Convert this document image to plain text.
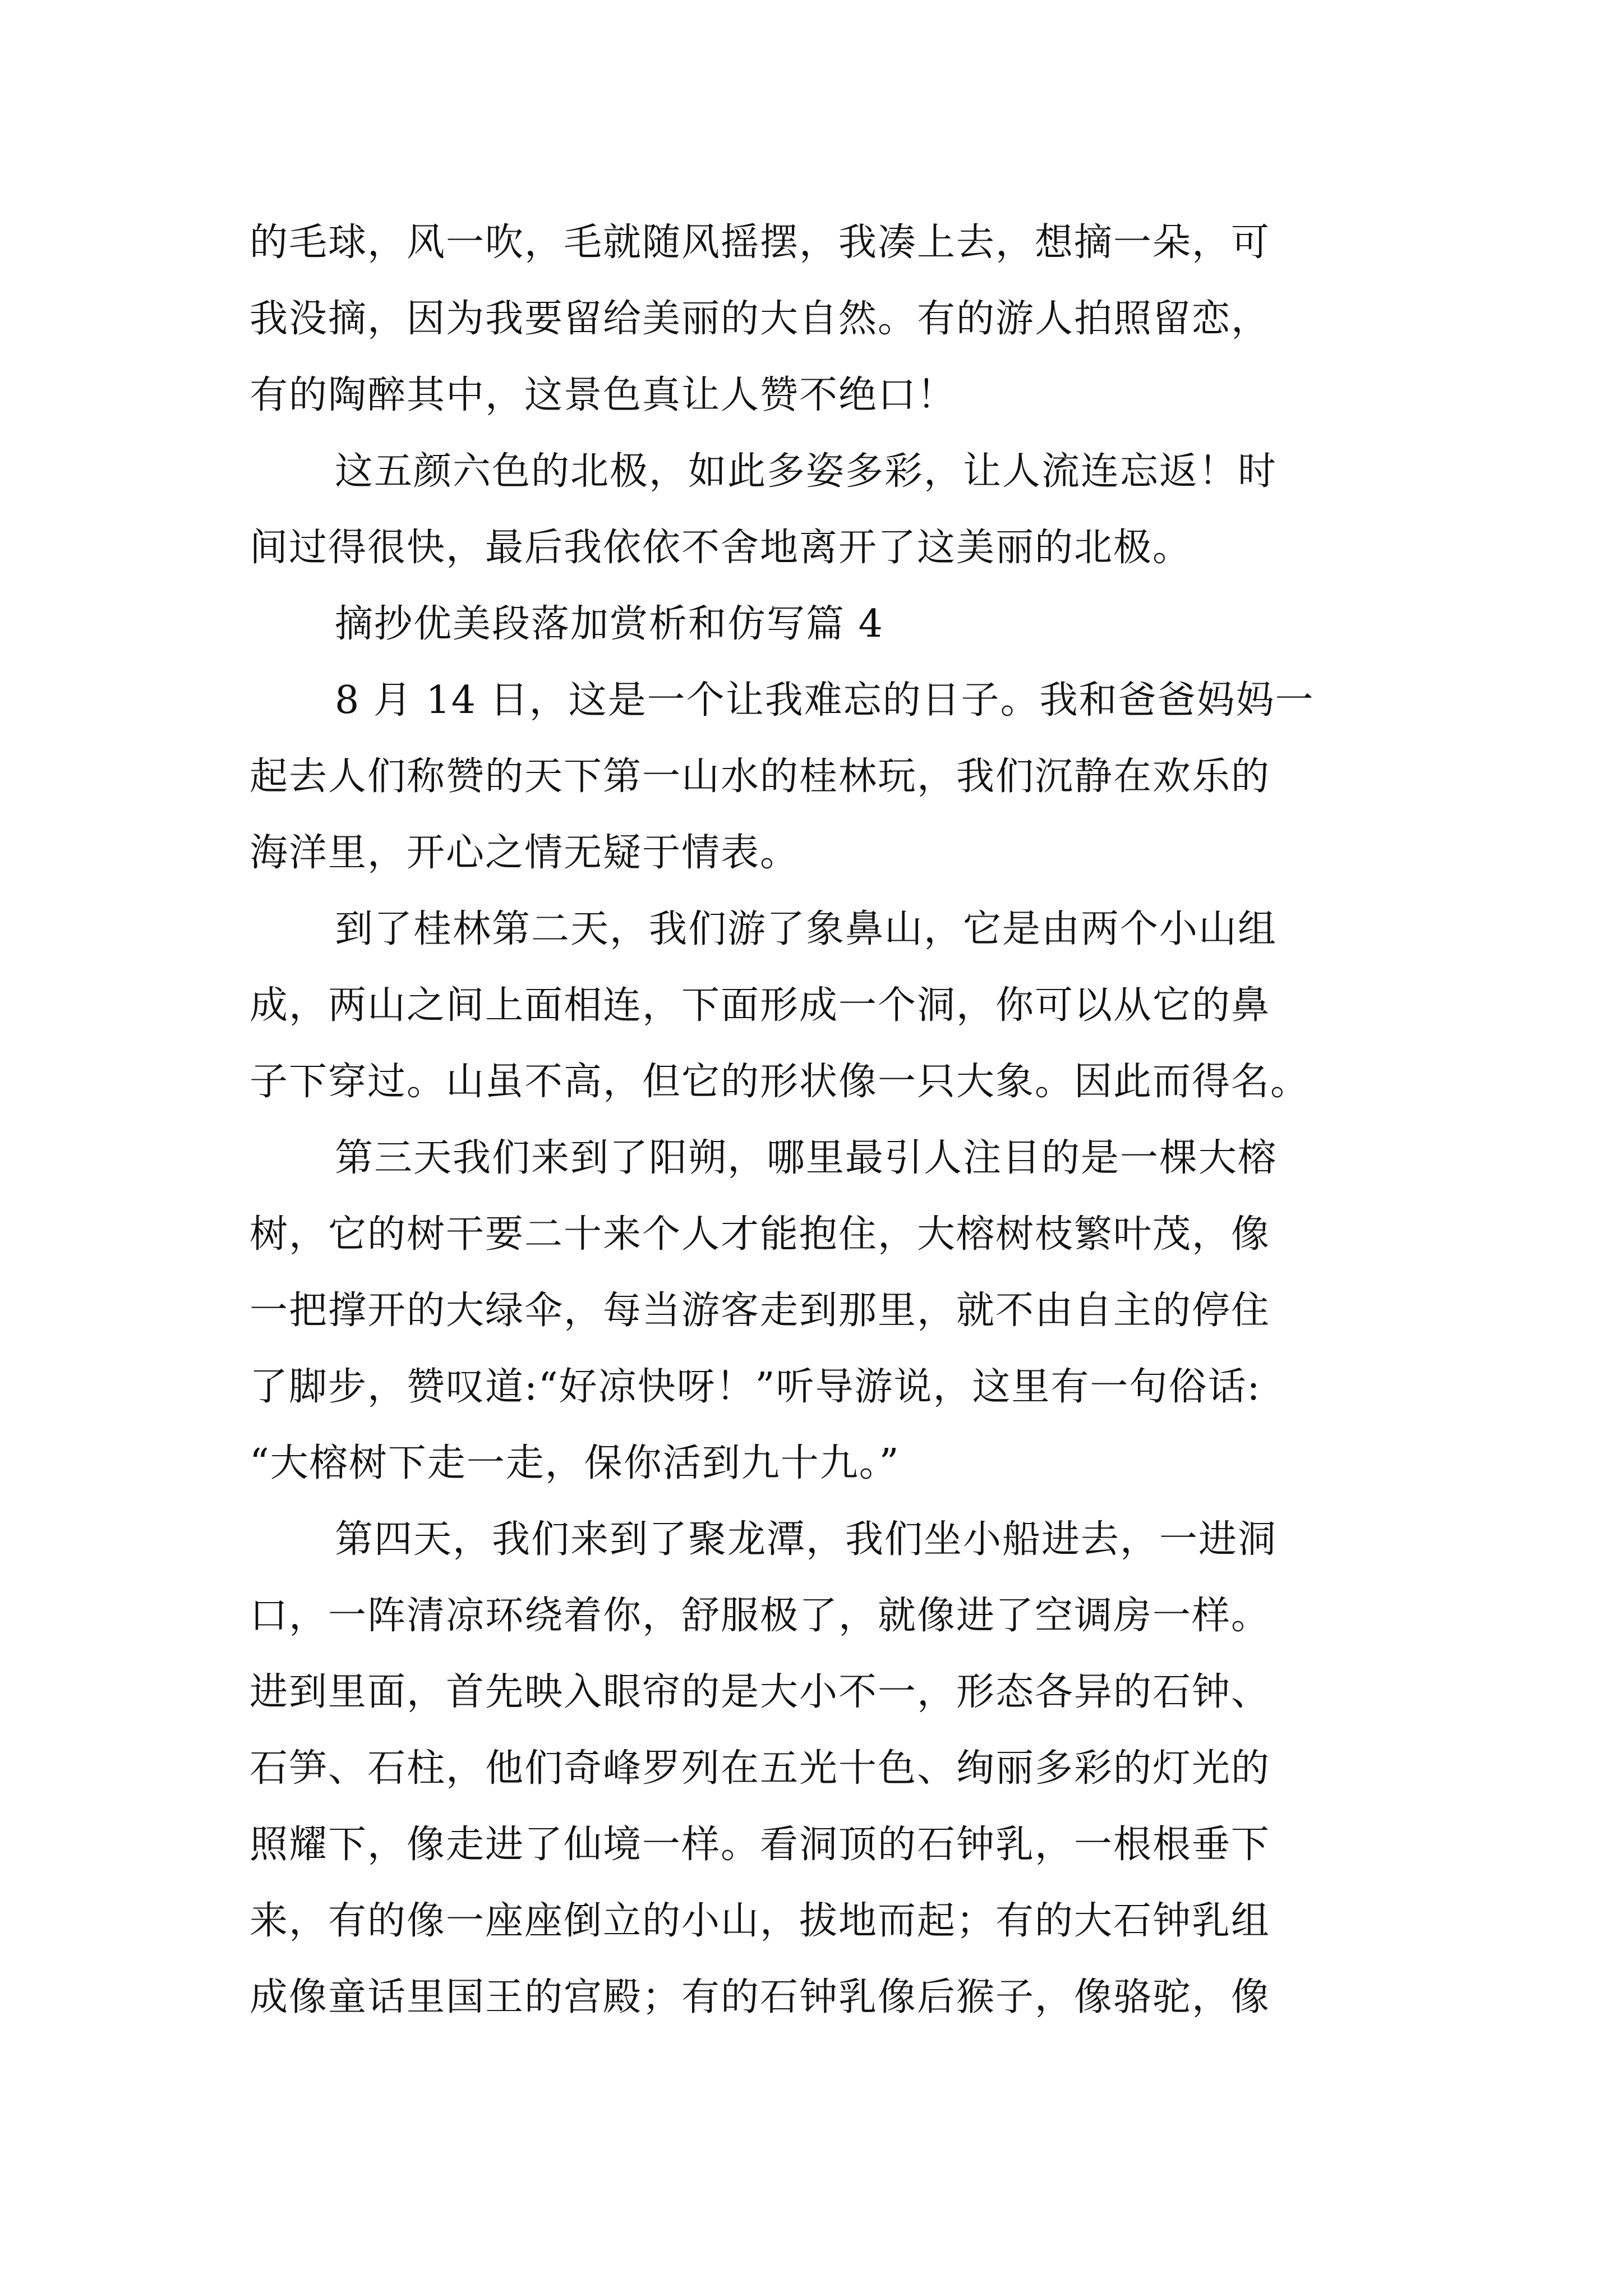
的毛球，风一吹，毛就随风摇摆，我凑上去，想摘一朵，可
我没摘，因为我要留给美丽的大自然。有的游人拍照留恋，
有的陶醉其中，这景色真让人赞不绝口！
这五颜六色的北极，如此多姿多彩，让人流连忘返！时
间过得很快，最后我依依不舍地离开了这美丽的北极。
摘抄优美段落加赏析和仿写篇 4
8 月 14 日，这是一个让我难忘的日子。我和爸爸妈妈一
起去人们称赞的天下第一山水的桂林玩，我们沉静在欢乐的
海洋里，开心之情无疑于情表。
到了桂林第二天，我们游了象鼻山，它是由两个小山组
成，两山之间上面相连，下面形成一个洞，你可以从它的鼻
子下穿过。山虽不高，但它的形状像一只大象。因此而得名。
第三天我们来到了阳朔，哪里最引人注目的是一棵大榕
树，它的树干要二十来个人才能抱住，大榕树枝繁叶茂，像
一把撑开的大绿伞，每当游客走到那里，就不由自主的停住
了脚步，赞叹道:“好凉快呀！”听导游说，这里有一句俗话:
“大榕树下走一走，保你活到九十九。”
第四天，我们来到了聚龙潭，我们坐小船进去，一进洞
口，一阵清凉环绕着你，舒服极了，就像进了空调房一样。
进到里面，首先映入眼帘的是大小不一，形态各异的石钟、
石笋、石柱，他们奇峰罗列在五光十色、绚丽多彩的灯光的
照耀下，像走进了仙境一样。看洞顶的石钟乳，一根根垂下
来，有的像一座座倒立的小山，拔地而起；有的大石钟乳组
成像童话里国王的宫殿；有的石钟乳像后猴子，像骆驼，像
